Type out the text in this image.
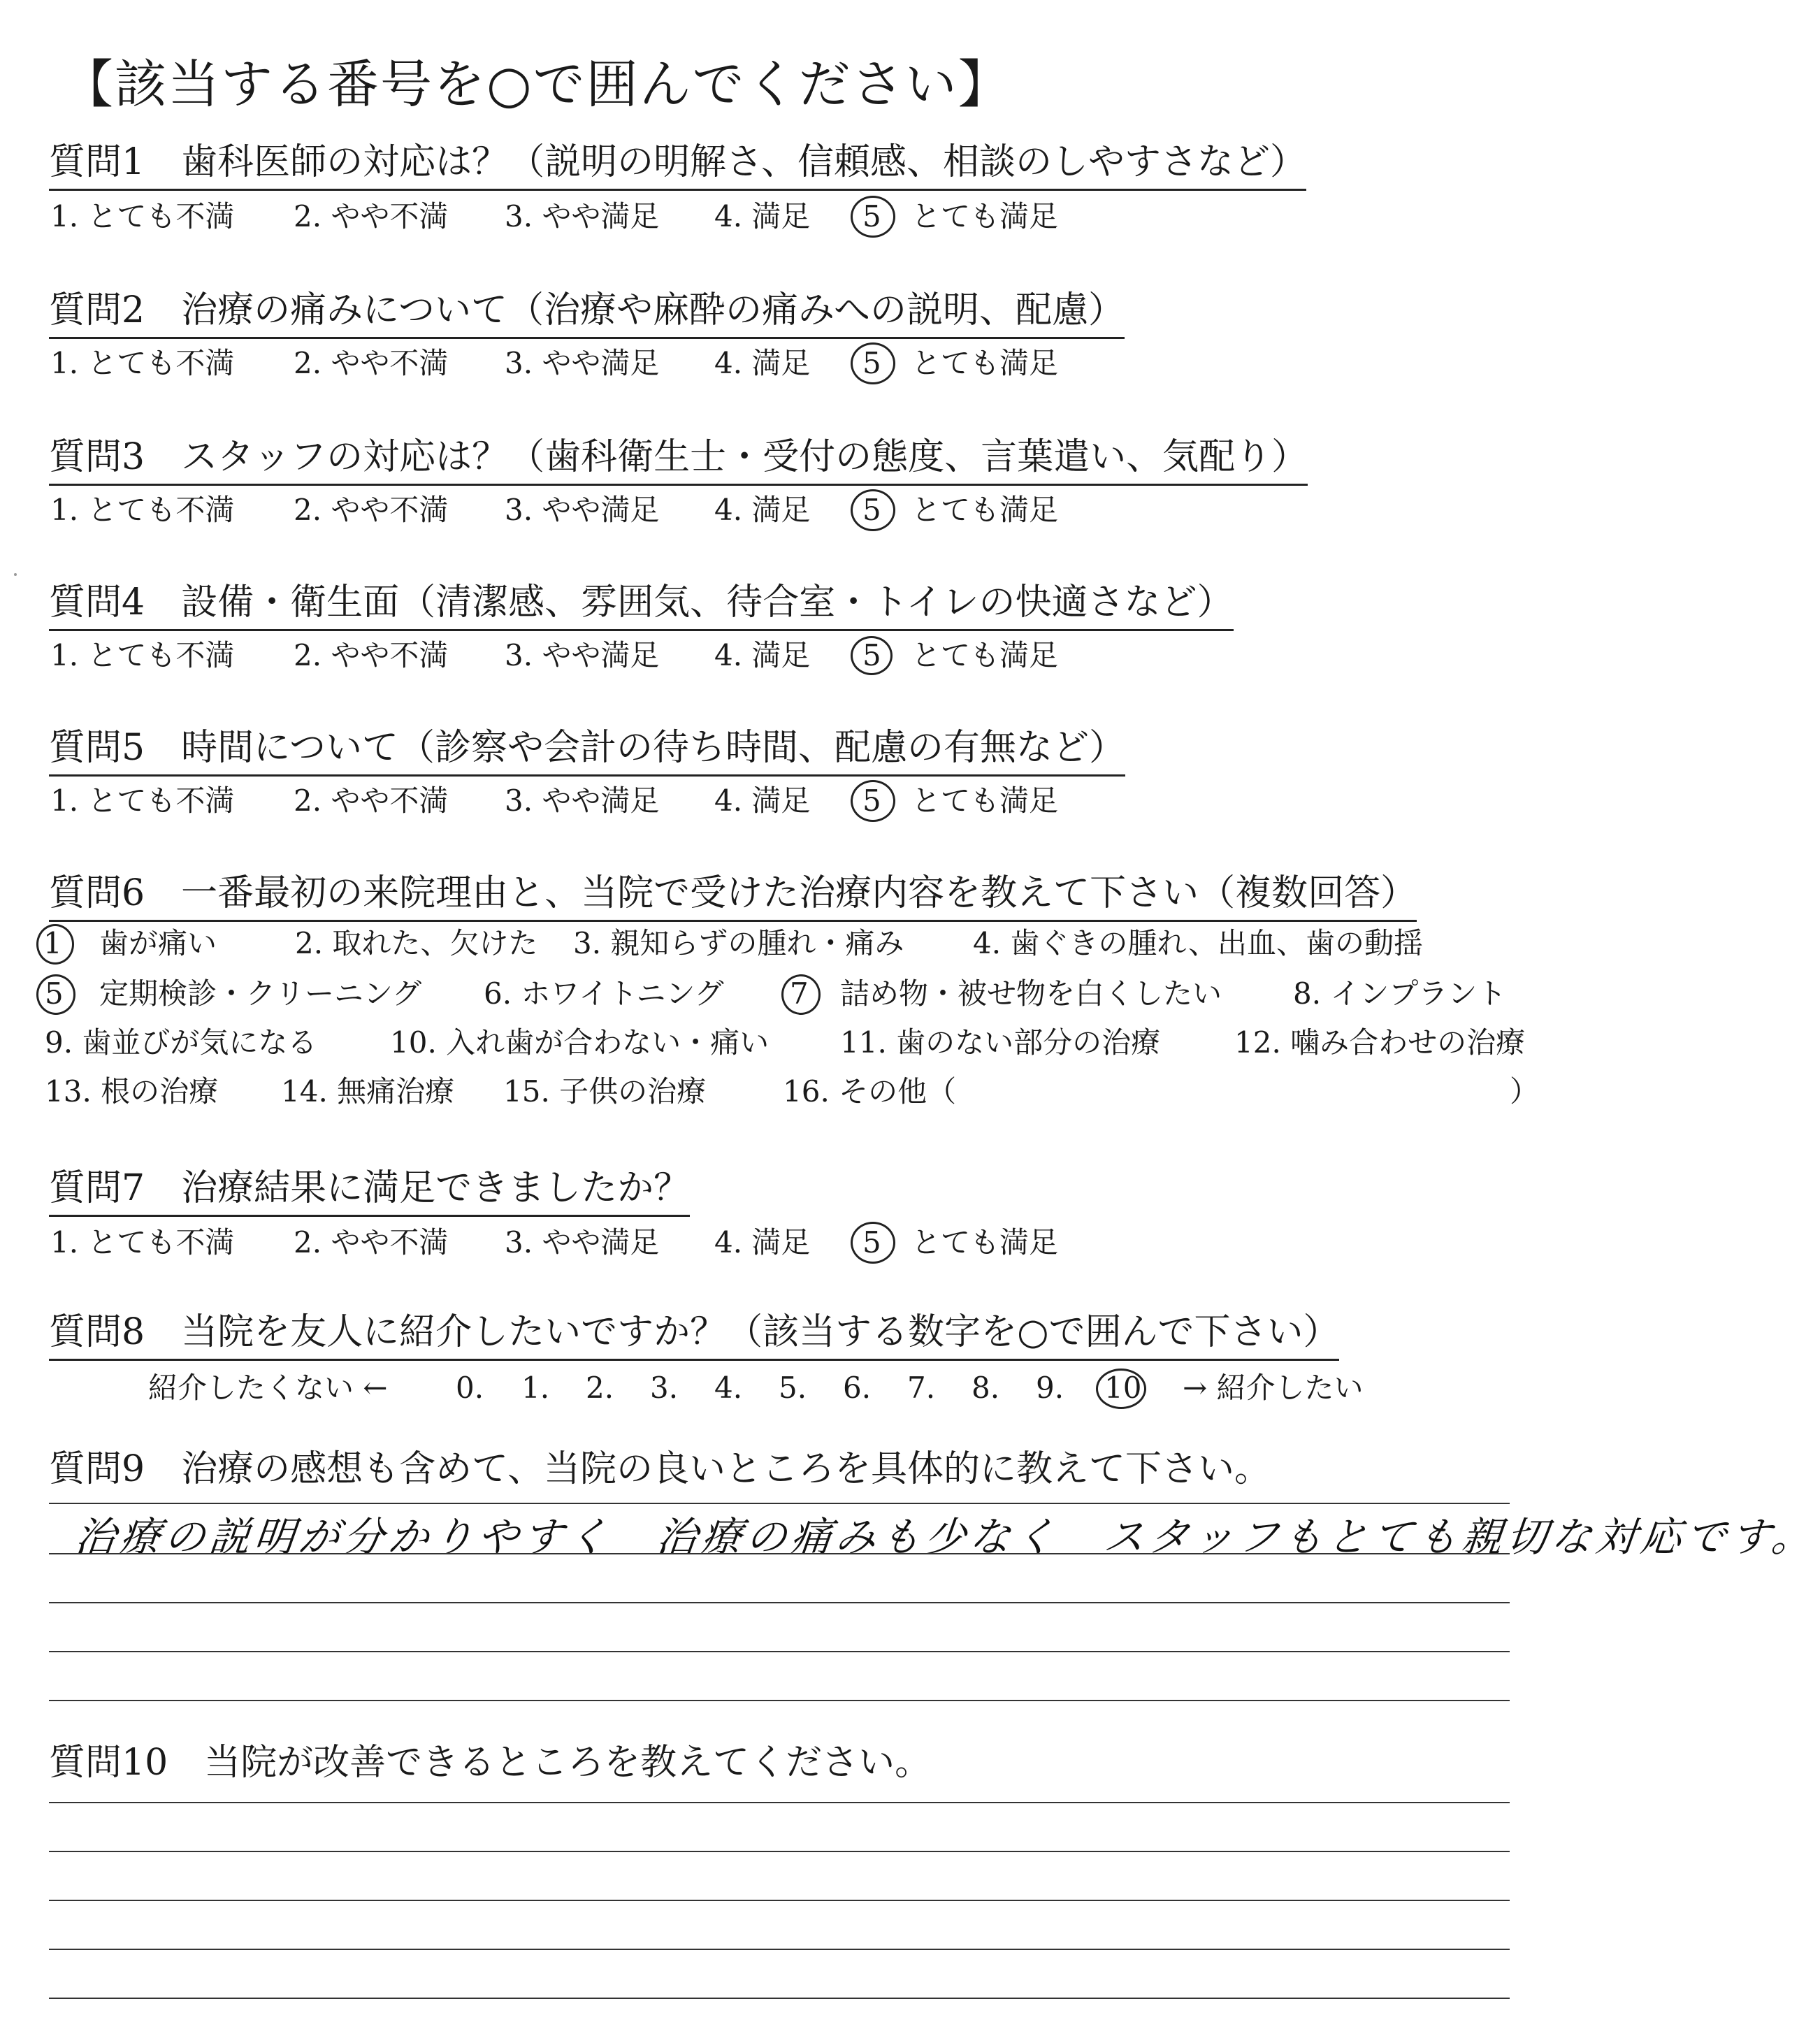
【該当する番号を○で囲んでください】
質問1　歯科医師の対応は？（説明の明解さ、信頼感、相談のしやすさなど）
1. とても不満 2. やや不満 3. やや満足 4. 満足 5 とても満足
質問2　治療の痛みについて（治療や麻酔の痛みへの説明、配慮）
1. とても不満 2. やや不満 3. やや満足 4. 満足 5 とても満足
質問3　スタッフの対応は？（歯科衛生士・受付の態度、言葉遣い、気配り）
1. とても不満 2. やや不満 3. やや満足 4. 満足 5 とても満足
質問4　設備・衛生面（清潔感、雰囲気、待合室・トイレの快適さなど）
1. とても不満 2. やや不満 3. やや満足 4. 満足 5 とても満足
質問5　時間について（診察や会計の待ち時間、配慮の有無など）
1. とても不満 2. やや不満 3. やや満足 4. 満足 5 とても満足
質問6　一番最初の来院理由と、当院で受けた治療内容を教えて下さい（複数回答）
1 歯が痛い	2. 取れた、欠けた 3. 親知らずの腫れ・痛み 4. 歯ぐきの腫れ、出血、歯の動揺
5 定期検診・クリーニング 6. ホワイトニング 7 詰め物・被せ物を白くしたい 8. インプラント
9. 歯並びが気になる 10. 入れ歯が合わない・痛い 11. 歯のない部分の治療	12. 噛み合わせの治療
13. 根の治療 14. 無痛治療 15. 子供の治療	16. その他（	）
質問7　治療結果に満足できましたか？
1. とても不満 2. やや不満 3. やや満足 4. 満足 5 とても満足
質問8　当院を友人に紹介したいですか？（該当する数字を○で囲んで下さい）
紹介したくない ← 0. 1. 2. 3. 4. 5. 6. 7. 8. 9. 10 → 紹介したい
質問9　治療の感想も含めて、当院の良いところを具体的に教えて下さい。

治療の説明が分かりやすく　治療の痛みも少なく　スタッフもとても親切な対応です。

質問10　当院が改善できるところを教えてください。
